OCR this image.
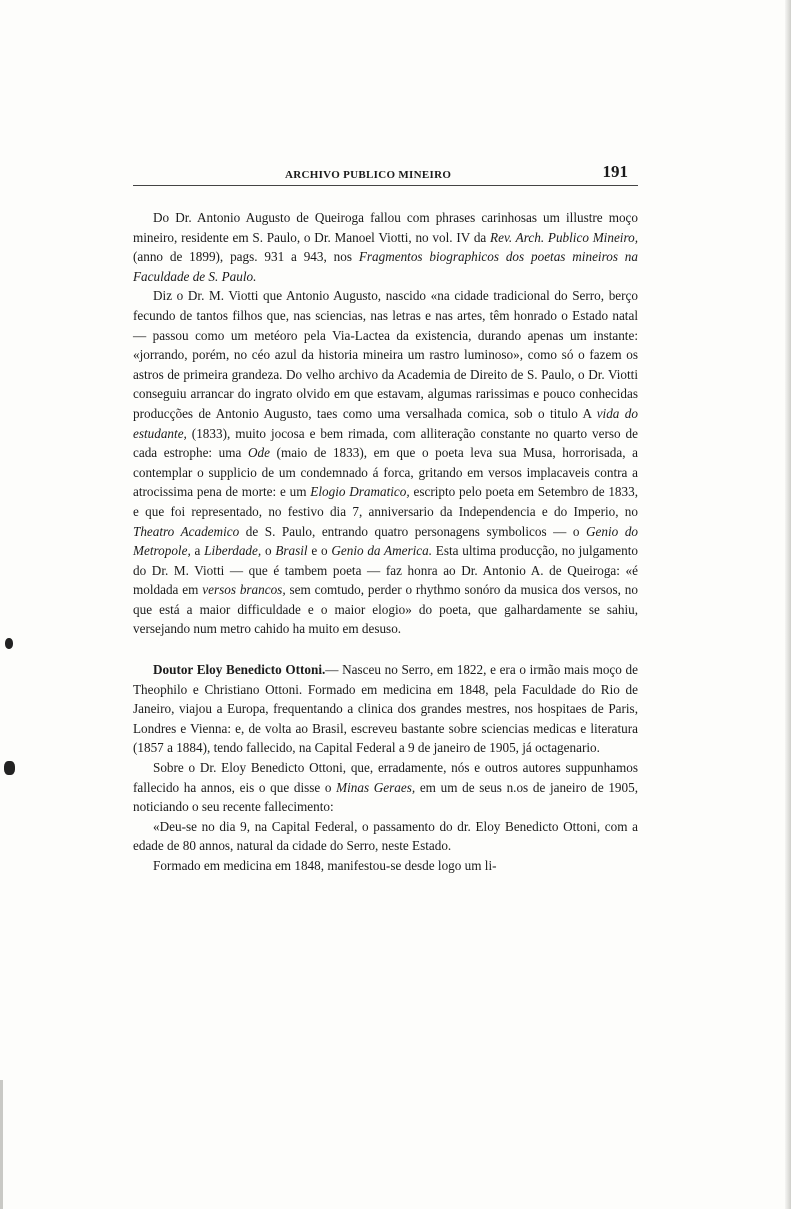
ARCHIVO PUBLICO MINEIRO	191

Do Dr. Antonio Augusto de Queiroga fallou com phrases carinhosas um illustre moço mineiro, residente em S. Paulo, o Dr. Manoel Viotti, no vol. IV da Rev. Arch. Publico Mineiro, (anno de 1899), pags. 931 a 943, nos Fragmentos biographicos dos poetas mineiros na Faculdade de S. Paulo.

Diz o Dr. M. Viotti que Antonio Augusto, nascido «na cidade tradicional do Serro, berço fecundo de tantos filhos que, nas sciencias, nas letras e nas artes, têm honrado o Estado natal — passou como um metéoro pela Via-Lactea da existencia, durando apenas um instante: «jorrando, porém, no céo azul da historia mineira um rastro luminoso», como só o fazem os astros de primeira grandeza. Do velho archivo da Academia de Direito de S. Paulo, o Dr. Viotti conseguiu arrancar do ingrato olvido em que estavam, algumas rarissimas e pouco conhecidas producções de Antonio Augusto, taes como uma versalhada comica, sob o titulo A vida do estudante, (1833), muito jocosa e bem rimada, com alliteração constante no quarto verso de cada estrophe: uma Ode (maio de 1833), em que o poeta leva sua Musa, horrorisada, a contemplar o supplicio de um condemnado á forca, gritando em versos implacaveis contra a atrocissima pena de morte: e um Elogio Dramatico, escripto pelo poeta em Setembro de 1833, e que foi representado, no festivo dia 7, anniversario da Independencia e do Imperio, no Theatro Academico de S. Paulo, entrando quatro personagens symbolicos — o Genio do Metropole, a Liberdade, o Brasil e o Genio da America. Esta ultima producção, no julgamento do Dr. M. Viotti — que é tambem poeta — faz honra ao Dr. Antonio A. de Queiroga: «é moldada em versos brancos, sem comtudo, perder o rhythmo sonóro da musica dos versos, no que está a maior difficuldade e o maior elogio» do poeta, que galhardamente se sahiu, versejando num metro cahido ha muito em desuso.

Doutor Eloy Benedicto Ottoni.— Nasceu no Serro, em 1822, e era o irmão mais moço de Theophilo e Christiano Ottoni. Formado em medicina em 1848, pela Faculdade do Rio de Janeiro, viajou a Europa, frequentando a clinica dos grandes mestres, nos hospitaes de Paris, Londres e Vienna: e, de volta ao Brasil, escreveu bastante sobre sciencias medicas e literatura (1857 a 1884), tendo fallecido, na Capital Federal a 9 de janeiro de 1905, já octagenario.

Sobre o Dr. Eloy Benedicto Ottoni, que, erradamente, nós e outros autores suppunhamos fallecido ha annos, eis o que disse o Minas Geraes, em um de seus n.os de janeiro de 1905, noticiando o seu recente fallecimento:

«Deu-se no dia 9, na Capital Federal, o passamento do dr. Eloy Benedicto Ottoni, com a edade de 80 annos, natural da cidade do Serro, neste Estado.

Formado em medicina em 1848, manifestou-se desde logo um li-
